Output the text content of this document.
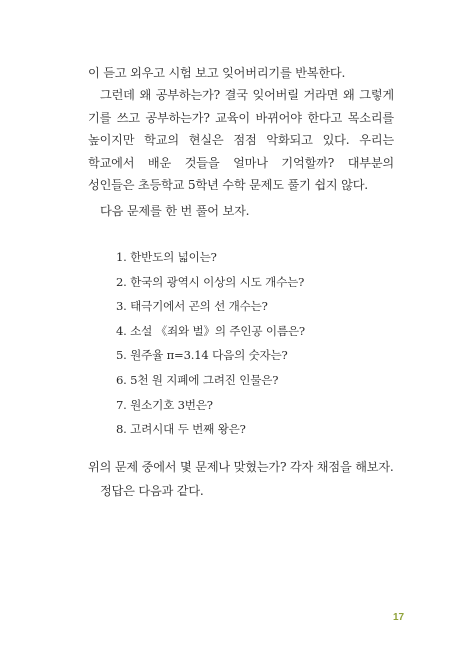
이 듣고 외우고 시험 보고 잊어버리기를 반복한다.

그런데 왜 공부하는가? 결국 잊어버릴 거라면 왜 그렇게 기를 쓰고 공부하는가? 교육이 바뀌어야 한다고 목소리를 높이지만 학교의 현실은 점점 악화되고 있다. 우리는 학교에서 배운 것들을 얼마나 기억할까? 대부분의 성인들은 초등학교 5학년 수학 문제도 풀기 쉽지 않다.

다음 문제를 한 번 풀어 보자.

1. 한반도의 넓이는?
2. 한국의 광역시 이상의 시도 개수는?
3. 태극기에서 곤의 선 개수는?
4. 소설 《죄와 벌》의 주인공 이름은?
5. 원주율 π=3.14 다음의 숫자는?
6. 5천 원 지폐에 그려진 인물은?
7. 원소기호 3번은?
8. 고려시대 두 번째 왕은?

위의 문제 중에서 몇 문제나 맞혔는가? 각자 채점을 해보자.

정답은 다음과 같다.

17
